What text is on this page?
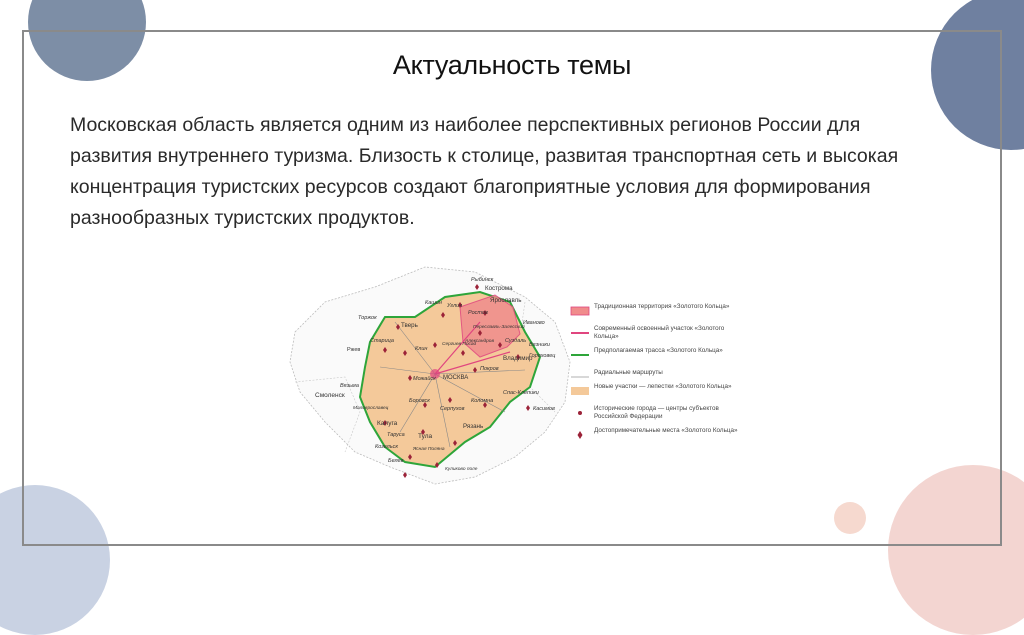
Актуальность темы
Московская область является одним из наиболее перспективных регионов России для развития внутреннего туризма. Близость к столице, развитая транспортная сеть и высокая концентрация туристских ресурсов создают благоприятные условия для формирования разнообразных туристских продуктов.
Рыбинск
Кострома
Углич
Ярославль
Кашин
Ростов
Торжок
Тверь	Иваново
Переславль-Залесский
Суздаль
Старица
Клин
Александров
Ржев
Сергиев Посад
Владимир
Гороховец
Вязники
Покров
МОСКВА
Можайск
Вязьма
Смоленск
Боровск
Малоярославец	Касимов
Серпухов
Калуга
Таруса
Козельск
Тула
Рязань
Белев
Ясная Поляна
Куликово поле
Коломна
Спас-Клепики
Традиционная территория «Золотого Кольца»
Современный освоенный участок «Золотого Кольца»
Предполагаемая трасса «Золотого Кольца»
Радиальные маршруты
Новые участки — лепестки «Золотого Кольца»
Исторические города — центры субъектов Российской Федерации
Достопримечательные места «Золотого Кольца»
